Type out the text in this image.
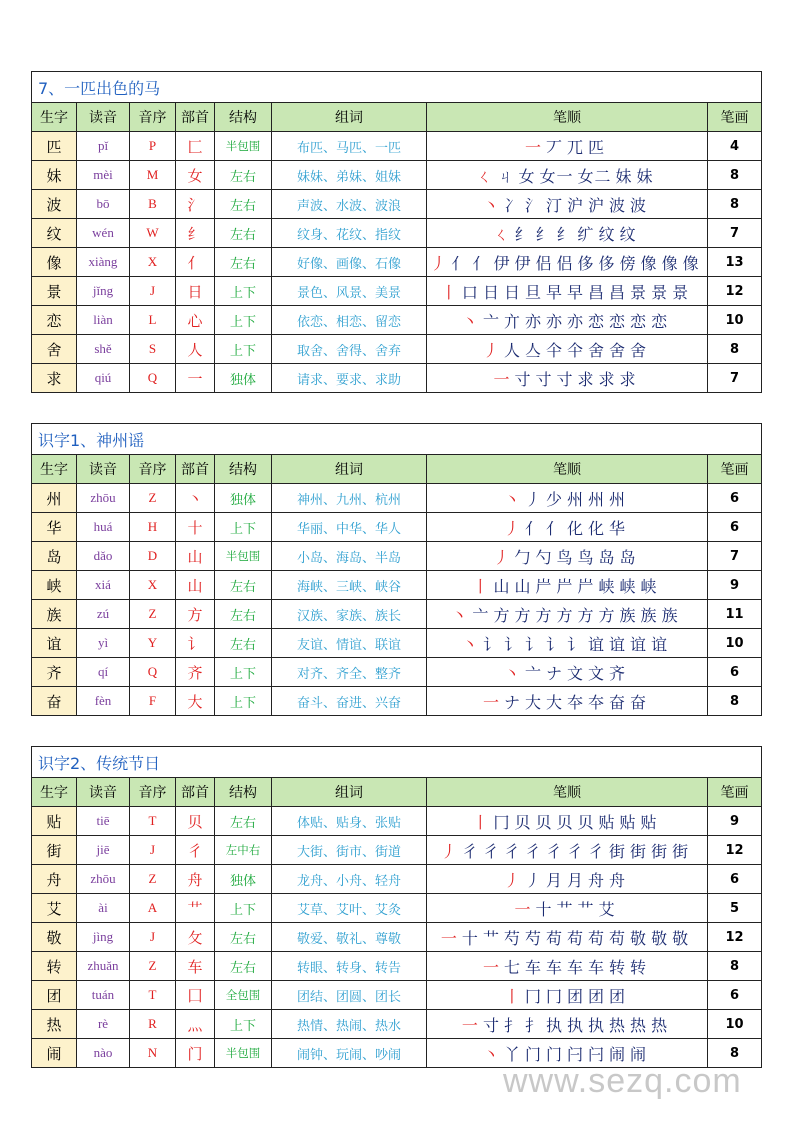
7、一匹出色的马							
生字	读音	音序	部首	结构	组词	笔顺	笔画
匹	pǐ	P	匚	半包围	布匹、马匹、一匹	一 丆 兀 匹	4
妹	mèi	M	女	左右	妹妹、弟妹、姐妹	ㄑ ㄐ 女 女一 女二 妹 妹	8
波	bō	B	氵	左右	声波、水波、波浪	丶 冫 氵 汀 沪 沪 波 波	8
纹	wén	W	纟	左右	纹身、花纹、指纹	ㄑ 纟 纟 纟 纩 纹 纹	7
像	xiàng	X	亻	左右	好像、画像、石像	丿 亻 亻 伊 伊 侣 侣 侈 侈 傍 像 像 像	13
景	jǐng	J	日	上下	景色、风景、美景	丨 口 日 日 旦 早 早 昌 昌 景 景 景	12
恋	liàn	L	心	上下	依恋、相恋、留恋	丶 亠 亣 亦 亦 亦 恋 恋 恋 恋	10
舍	shě	S	人	上下	取舍、舍得、舍弃	丿 人 亼 仐 仐 舍 舍 舍	8
求	qiú	Q	一	独体	请求、要求、求助	一 寸 寸 寸 求 求 求	7
识字1、神州谣							
生字	读音	音序	部首	结构	组词	笔顺	笔画
州	zhōu	Z	丶	独体	神州、九州、杭州	丶 丿 少 州 州 州	6
华	huá	H	十	上下	华丽、中华、华人	丿 亻 亻 化 化 华	6
岛	dǎo	D	山	半包围	小岛、海岛、半岛	丿 勹 勺 鸟 鸟 岛 岛	7
峡	xiá	X	山	左右	海峡、三峡、峡谷	丨 山 山 屵 屵 屵 峡 峡 峡	9
族	zú	Z	方	左右	汉族、家族、族长	丶 亠 方 方 方 方 方 方 族 族 族	11
谊	yì	Y	讠	左右	友谊、情谊、联谊	丶 讠 讠 讠 讠 讠 谊 谊 谊 谊	10
齐	qí	Q	齐	上下	对齐、齐全、整齐	丶 亠 ナ 文 文 齐	6
奋	fèn	F	大	上下	奋斗、奋进、兴奋	一 ナ 大 大 夲 夲 奋 奋	8
识字2、传统节日							
生字	读音	音序	部首	结构	组词	笔顺	笔画
贴	tiē	T	贝	左右	体贴、贴身、张贴	丨 冂 贝 贝 贝 贝 贴 贴 贴	9
街	jiē	J	彳	左中右	大街、街市、街道	丿 彳 彳 彳 彳 彳 彳 彳 街 街 街 街	12
舟	zhōu	Z	舟	独体	龙舟、小舟、轻舟	丿 丿 月 月 舟 舟	6
艾	ài	A	艹	上下	艾草、艾叶、艾灸	一 十 艹 艹 艾	5
敬	jìng	J	攵	左右	敬爱、敬礼、尊敬	一 十 艹 芍 芍 苟 苟 苟 苟 敬 敬 敬	12
转	zhuǎn	Z	车	左右	转眼、转身、转告	一 七 车 车 车 车 转 转	8
团	tuán	T	囗	全包围	团结、团圆、团长	丨 冂 冂 团 团 团	6
热	rè	R	灬	上下	热情、热闹、热水	一 寸 扌 扌 执 执 执 热 热 热	10
闹	nào	N	门	半包围	闹钟、玩闹、吵闹	丶 丫 门 门 闩 闩 闹 闹	8
www.sezq.com
